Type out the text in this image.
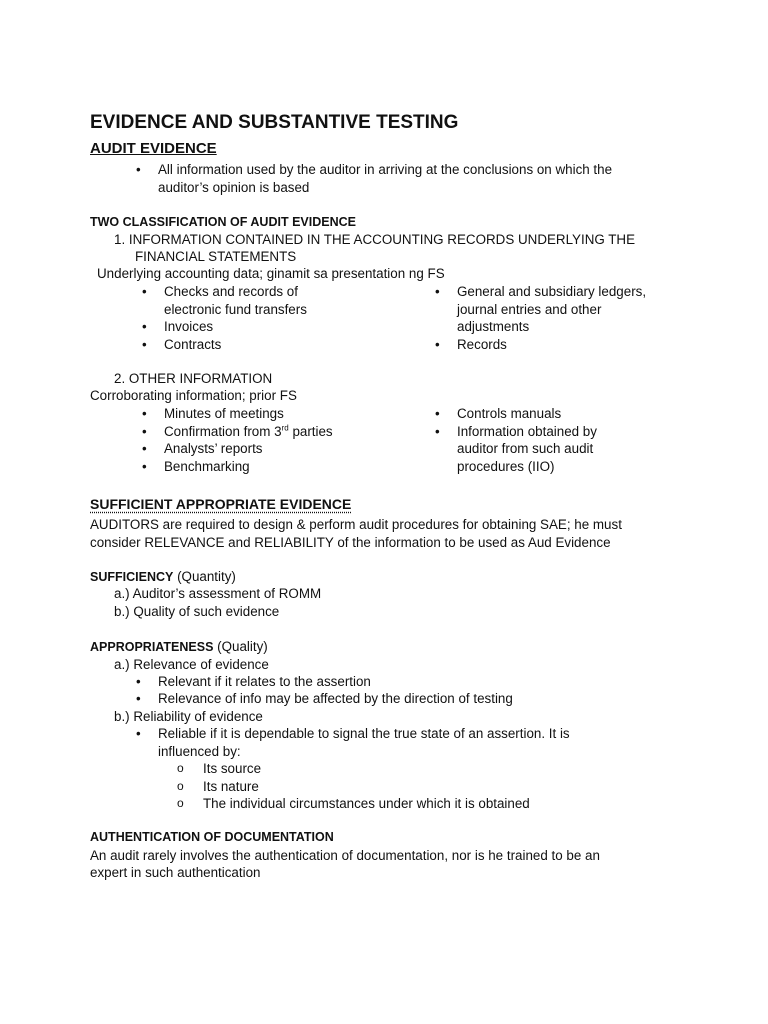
EVIDENCE AND SUBSTANTIVE TESTING
AUDIT EVIDENCE
• All information used by the auditor in arriving at the conclusions on which the
auditor’s opinion is based
TWO CLASSIFICATION OF AUDIT EVIDENCE
1. INFORMATION CONTAINED IN THE ACCOUNTING RECORDS UNDERLYING THE
FINANCIAL STATEMENTS
Underlying accounting data; ginamit sa presentation ng FS
• Checks and records of
electronic fund transfers
• Invoices
• Contracts
• General and subsidiary ledgers,
journal entries and other
adjustments
• Records
2. OTHER INFORMATION
Corroborating information; prior FS
• Minutes of meetings
• Confirmation from 3rd parties
• Analysts’ reports
• Benchmarking
• Controls manuals
• Information obtained by
auditor from such audit
procedures (IIO)
SUFFICIENT APPROPRIATE EVIDENCE
AUDITORS are required to design & perform audit procedures for obtaining SAE; he must
consider RELEVANCE and RELIABILITY of the information to be used as Aud Evidence
SUFFICIENCY (Quantity)
a.) Auditor’s assessment of ROMM
b.) Quality of such evidence
APPROPRIATENESS (Quality)
a.) Relevance of evidence
• Relevant if it relates to the assertion
• Relevance of info may be affected by the direction of testing
b.) Reliability of evidence
• Reliable if it is dependable to signal the true state of an assertion. It is
influenced by:
o Its source
o Its nature
o The individual circumstances under which it is obtained
AUTHENTICATION OF DOCUMENTATION
An audit rarely involves the authentication of documentation, nor is he trained to be an
expert in such authentication
